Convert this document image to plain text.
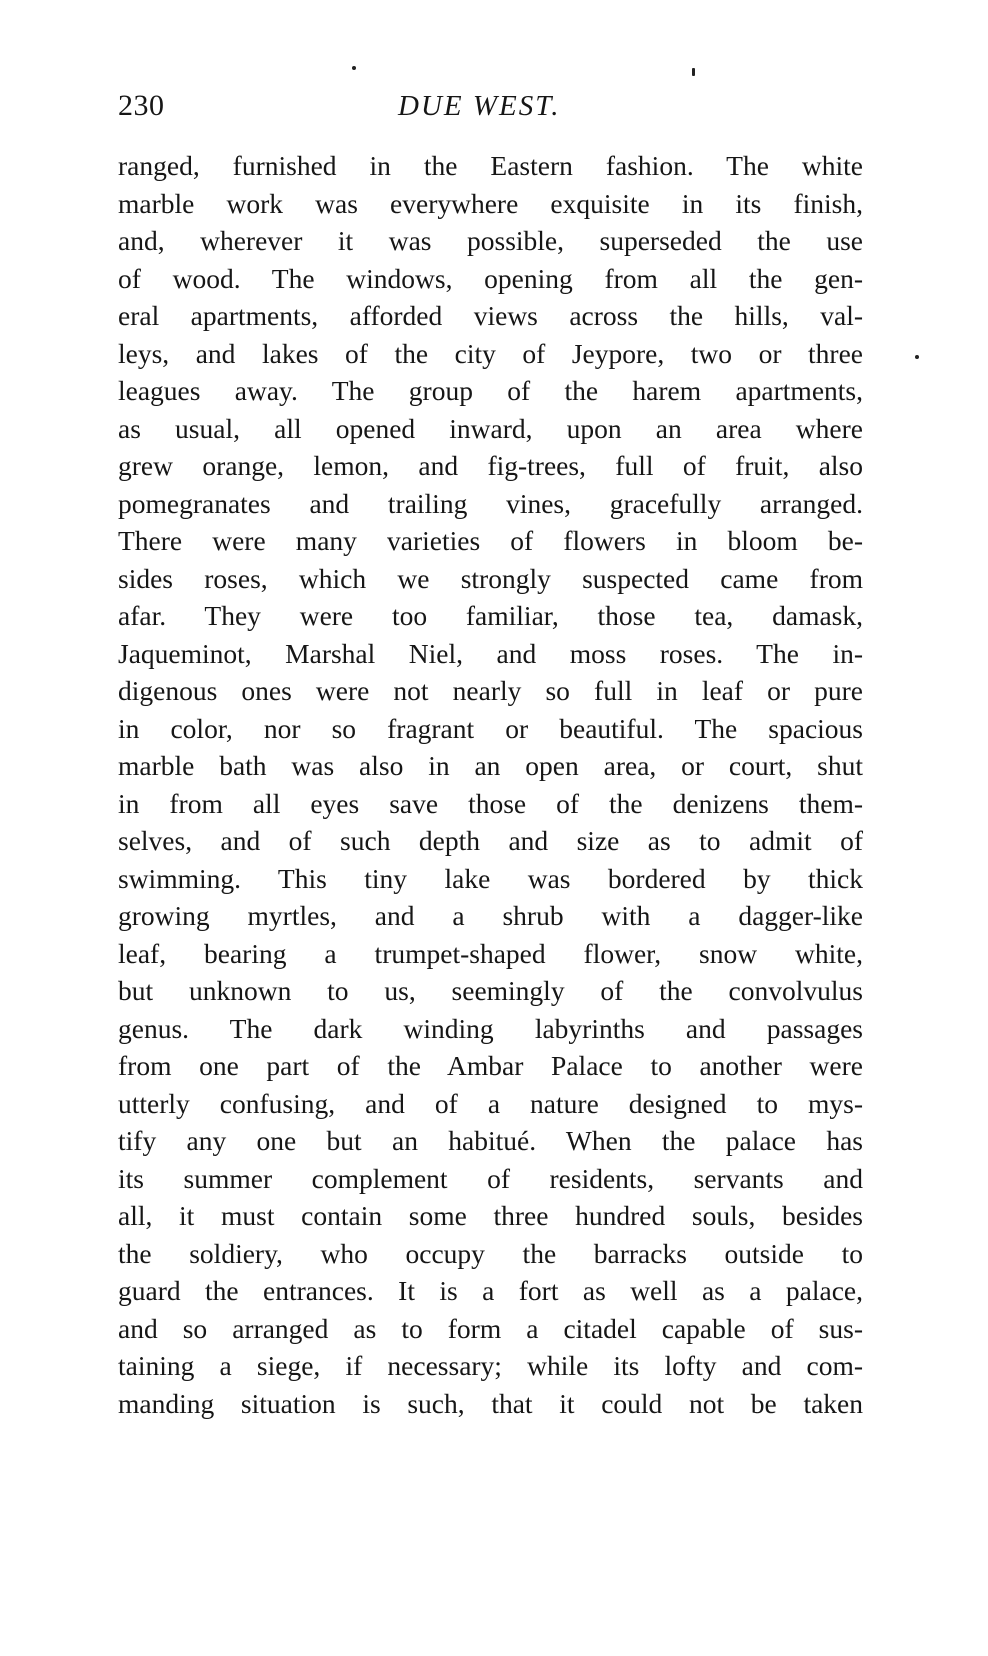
230	DUE WEST.
ranged, furnished in the Eastern fashion. The white
marble work was everywhere exquisite in its finish,
and, wherever it was possible, superseded the use
of wood. The windows, opening from all the gen-
eral apartments, afforded views across the hills, val-
leys, and lakes of the city of Jeypore, two or three
leagues away. The group of the harem apartments,
as usual, all opened inward, upon an area where
grew orange, lemon, and fig-trees, full of fruit, also
pomegranates and trailing vines, gracefully arranged.
There were many varieties of flowers in bloom be-
sides roses, which we strongly suspected came from
afar. They were too familiar, those tea, damask,
Jaqueminot, Marshal Niel, and moss roses. The in-
digenous ones were not nearly so full in leaf or pure
in color, nor so fragrant or beautiful. The spacious
marble bath was also in an open area, or court, shut
in from all eyes save those of the denizens them-
selves, and of such depth and size as to admit of
swimming. This tiny lake was bordered by thick
growing myrtles, and a shrub with a dagger-like
leaf, bearing a trumpet-shaped flower, snow white,
but unknown to us, seemingly of the convolvulus
genus. The dark winding labyrinths and passages
from one part of the Ambar Palace to another were
utterly confusing, and of a nature designed to mys-
tify any one but an habitué. When the palace has
its summer complement of residents, servants and
all, it must contain some three hundred souls, besides
the soldiery, who occupy the barracks outside to
guard the entrances. It is a fort as well as a palace,
and so arranged as to form a citadel capable of sus-
taining a siege, if necessary; while its lofty and com-
manding situation is such, that it could not be taken
